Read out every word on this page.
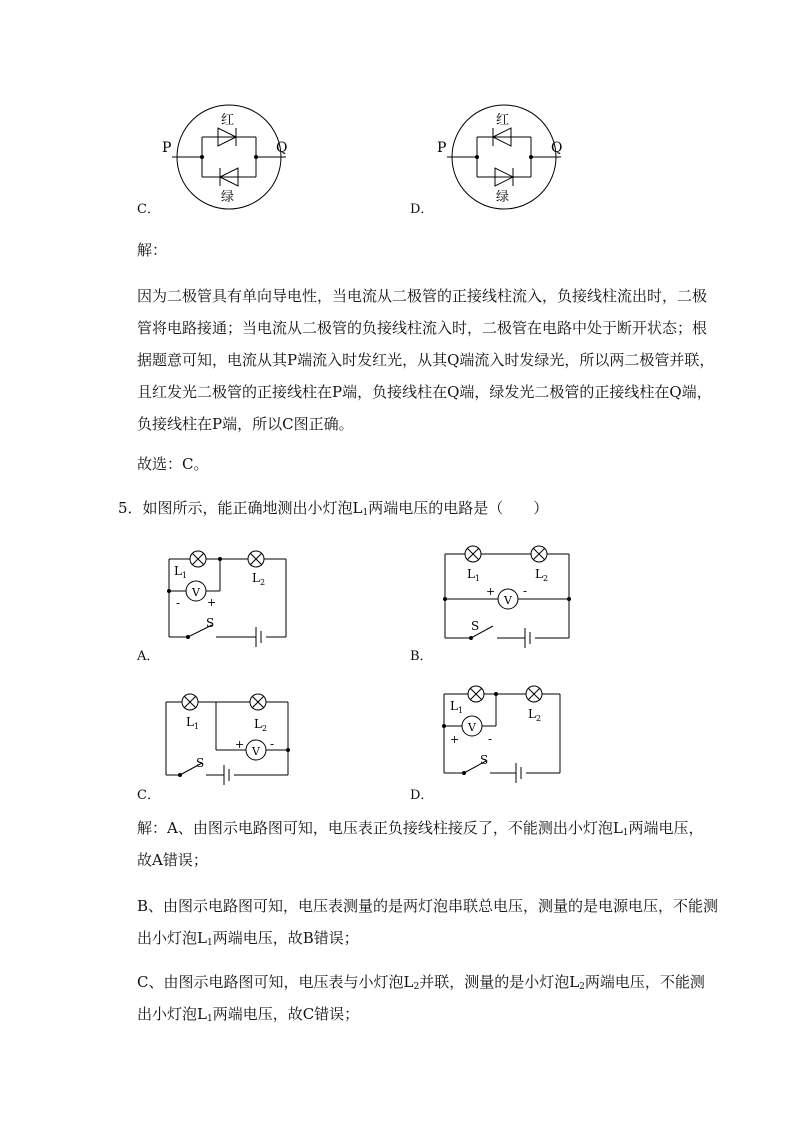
P	Q
红
绿
C．
P	Q
红
绿
D．
解：
因为二极管具有单向导电性，当电流从二极管的正接线柱流入，负接线柱流出时，二极
管将电路接通；当电流从二极管的负接线柱流入时，二极管在电路中处于断开状态；根
据题意可知，电流从其P端流入时发红光，从其Q端流入时发绿光，所以两二极管并联，
且红发光二极管的正接线柱在P端，负接线柱在Q端，绿发光二极管的正接线柱在Q端，
负接线柱在P端，所以C图正确。
故选：C。
5．如图所示，能正确地测出小灯泡$L_1$两端电压的电路是（　　）
V
$L_1$	$L_2$
- +
S
A．
V
$L_1$	$L_2$
+ -
S
B．
V
$L_1$	$L_2$
+ -
S
C．
V
$L_1$	$L_2$
+ -
S
D．
解：A、由图示电路图可知，电压表正负接线柱接反了，不能测出小灯泡$L_1$两端电压，
故A错误；
B、由图示电路图可知，电压表测量的是两灯泡串联总电压，测量的是电源电压，不能测
出小灯泡$L_1$两端电压，故B错误；
C、由图示电路图可知，电压表与小灯泡$L_2$并联，测量的是小灯泡$L_2$两端电压，不能测
出小灯泡$L_1$两端电压，故C错误；
